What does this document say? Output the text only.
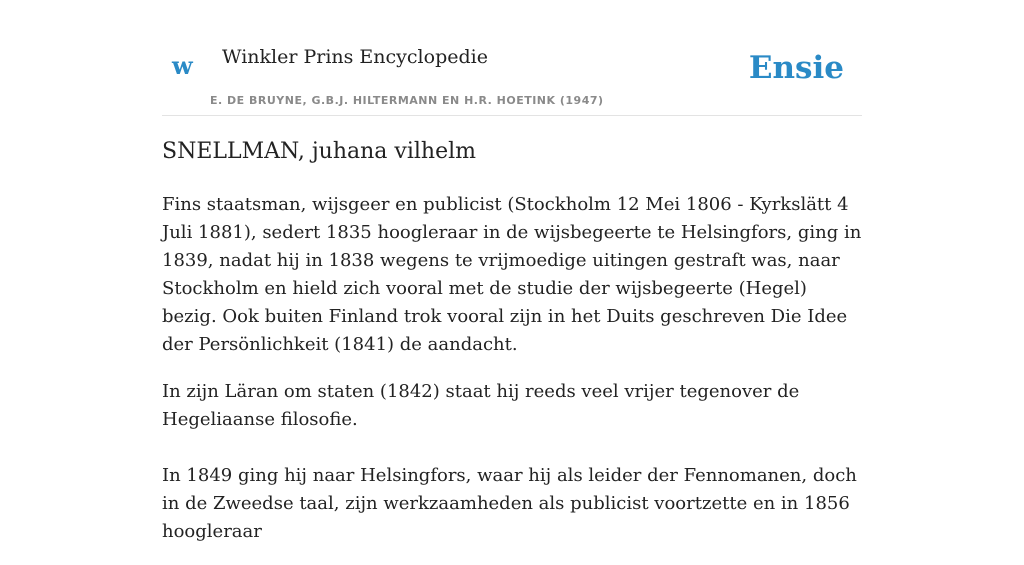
w Winkler Prins Encyclopedie
E. DE BRUYNE, G.B.J. HILTERMANN EN H.R. HOETINK (1947)
Ensie
SNELLMAN, juhana vilhelm

Fins staatsman, wijsgeer en publicist (Stockholm 12 Mei 1806 - Kyrkslätt 4 Juli 1881), sedert 1835 hoogleraar in de wijsbegeerte te Helsingfors, ging in 1839, nadat hij in 1838 wegens te vrijmoedige uitingen gestraft was, naar Stockholm en hield zich vooral met de studie der wijsbegeerte (Hegel) bezig. Ook buiten Finland trok vooral zijn in het Duits geschreven Die Idee der Persönlichkeit (1841) de aandacht.

In zijn Läran om staten (1842) staat hij reeds veel vrijer tegenover de Hegeliaanse filosofie.

In 1849 ging hij naar Helsingfors, waar hij als leider der Fennomanen, doch in de Zweedse taal, zijn werkzaamheden als publicist voortzette en in 1856 hoogleraar
